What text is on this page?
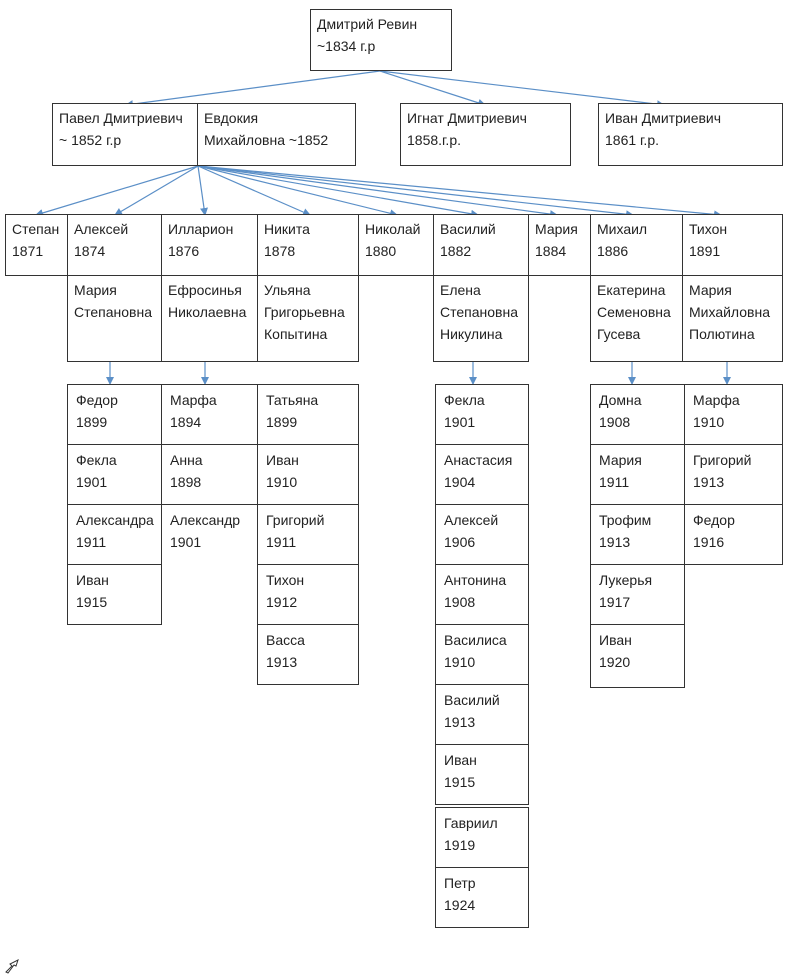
Дмитрий Ревин
~1834 г.р
Павел Дмитриевич
~ 1852 г.р
Евдокия
Михайловна ~1852
Игнат Дмитриевич
1858.г.р.
Иван Дмитриевич
1861 г.р.
Степан
1871
Алексей
1874
Илларион
1876
Никита
1878
Николай
1880
Василий
1882
Мария
1884
Михаил
1886
Тихон
1891
Мария
Степановна
Ефросинья
Николаевна
Ульяна
Григорьевна
Копытина
Елена
Степановна
Никулина
Екатерина
Семеновна
Гусева
Мария
Михайловна
Полютина
Федор
1899
Фекла
1901
Александра
1911
Иван
1915
Марфа
1894
Анна
1898
Александр
1901
Татьяна
1899
Иван
1910
Григорий
1911
Тихон
1912
Васса
1913
Фекла
1901
Анастасия
1904
Алексей
1906
Антонина
1908
Василиса
1910
Василий
1913
Иван
1915
Гавриил
1919
Петр
1924
Домна
1908
Мария
1911
Трофим
1913
Лукерья
1917
Иван
1920
Марфа
1910
Григорий
1913
Федор
1916
